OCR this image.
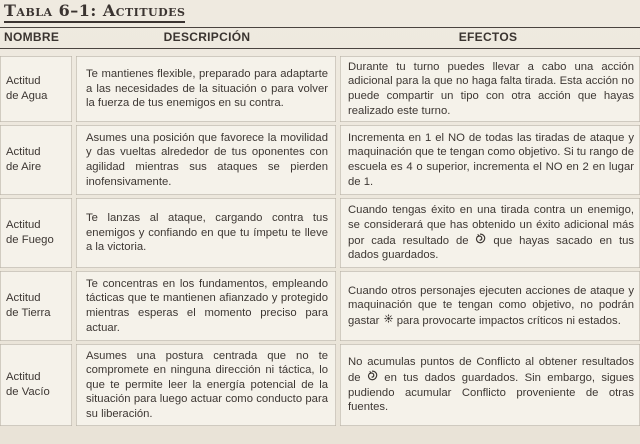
Tabla 6–1: Actitudes
NOMBRE	DESCRIPCIÓN	EFECTOS
Actitud
de Agua		Te mantienes flexible, preparado para adaptarte a las necesidades de la situación o para volver la fuerza de tus enemigos en su contra.		Durante tu turno puedes llevar a cabo una acción adicional para la que no haga falta tirada. Esta acción no puede compartir un tipo con otra acción que hayas realizado este turno.

Actitud
de Aire		Asumes una posición que favorece la movilidad y das vueltas alrededor de tus oponentes con agilidad mientras sus ataques se pierden inofensivamente.		Incrementa en 1 el NO de todas las tiradas de ataque y maquinación que te tengan como objetivo. Si tu rango de escuela es 4 o superior, incrementa el NO en 2 en lugar de 1.

Actitud
de Fuego		Te lanzas al ataque, cargando contra tus enemigos y confiando en que tu ímpetu te lleve a la victoria.		Cuando tengas éxito en una tirada contra un enemigo, se considerará que has obtenido un éxito adicional más por cada resultado de que hayas sacado en tus dados guardados.

Actitud
de Tierra		Te concentras en los fundamentos, empleando tácticas que te mantienen afianzado y protegido mientras esperas el momento preciso para actuar.		Cuando otros personajes ejecuten acciones de ataque y maquinación que te tengan como objetivo, no podrán gastar para provocarte impactos críticos ni estados.

Actitud
de Vacío		Asumes una postura centrada que no te compromete en ninguna dirección ni táctica, lo que te permite leer la energía potencial de la situación para luego actuar como conducto para su liberación.		No acumulas puntos de Conflicto al obtener resultados de en tus dados guardados. Sin embargo, sigues pudiendo acumular Conflicto proveniente de otras fuentes.
